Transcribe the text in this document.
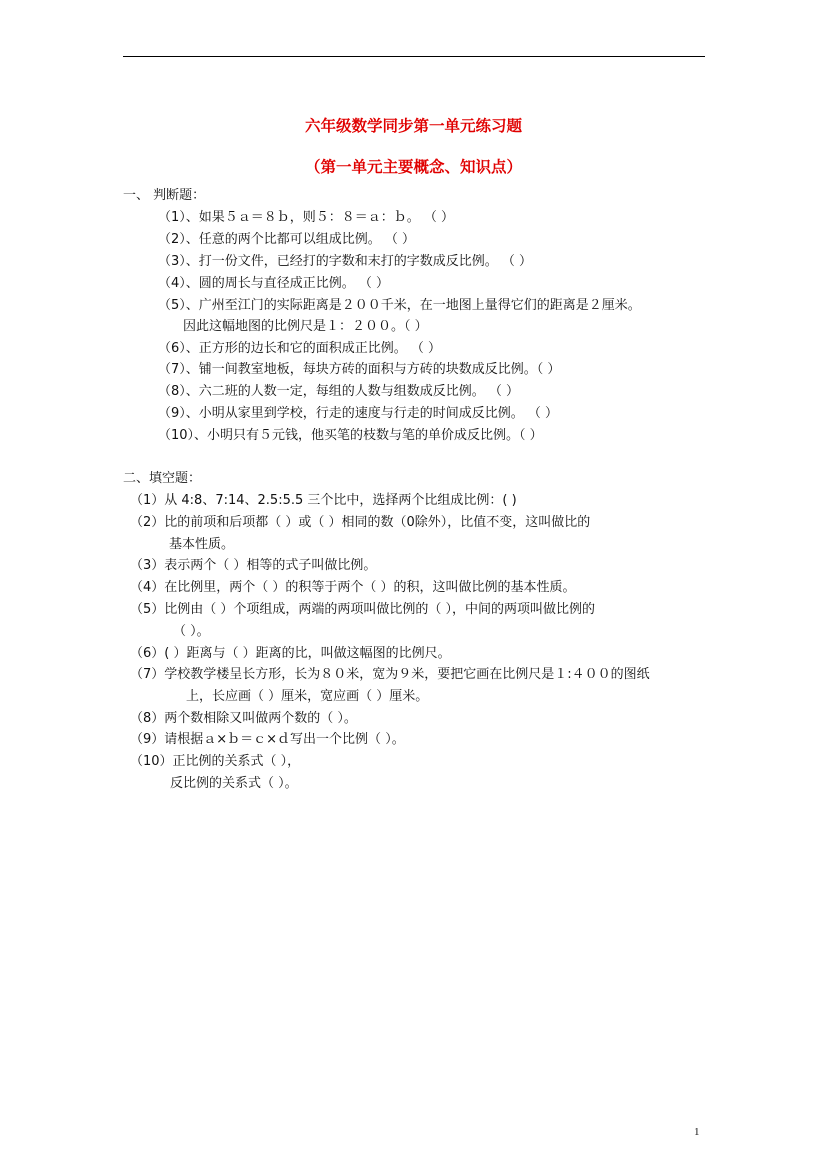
六年级数学同步第一单元练习题
（第一单元主要概念、知识点）
一、 判断题：
（1）、如果５ａ＝８ｂ，则５：８＝ａ：ｂ。 （ ）
（2）、任意的两个比都可以组成比例。 （ ）
（3）、打一份文件，已经打的字数和末打的字数成反比例。 （ ）
（4）、圆的周长与直径成正比例。 （ ）
（5）、广州至江门的实际距离是２００千米，在一地图上量得它们的距离是２厘米。
因此这幅地图的比例尺是１：２００。（ ）
（6）、正方形的边长和它的面积成正比例。 （ ）
（7）、铺一间教室地板，每块方砖的面积与方砖的块数成反比例。（ ）
（8）、六二班的人数一定，每组的人数与组数成反比例。 （ ）
（9）、小明从家里到学校，行走的速度与行走的时间成反比例。 （ ）
（10）、小明只有５元钱，他买笔的枝数与笔的单价成反比例。（ ）
二、填空题：
（1）从 4:8、7:14、2.5:5.5 三个比中，选择两个比组成比例：( )
（2）比的前项和后项都（ ）或（ ）相同的数（0除外），比值不变，这叫做比的
基本性质。
（3）表示两个（ ）相等的式子叫做比例。
（4）在比例里，两个（ ）的积等于两个（ ）的积，这叫做比例的基本性质。
（5）比例由（ ）个项组成，两端的两项叫做比例的（ ），中间的两项叫做比例的
（ ）。
（6）( ）距离与（ ）距离的比，叫做这幅图的比例尺。
（7）学校教学楼呈长方形，长为８０米，宽为９米，要把它画在比例尺是１:４００的图纸
上，长应画（ ）厘米，宽应画（ ）厘米。
（8）两个数相除又叫做两个数的（ ）。
（9）请根据ａ×ｂ＝ｃ×ｄ写出一个比例（ ）。
（10）正比例的关系式（ ），
反比例的关系式（ ）。
1
